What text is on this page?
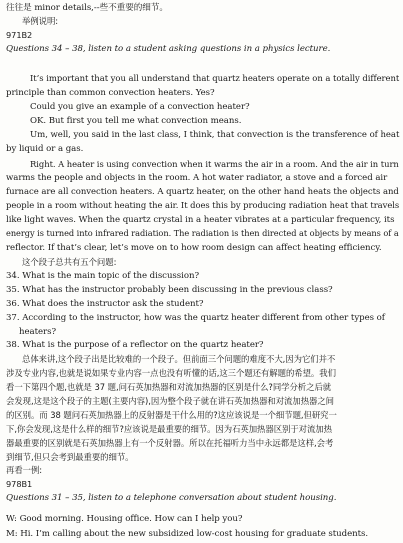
往往是 minor details,--些不重要的细节。
举例说明:
971B2
Questions 34 – 38, listen to a student asking questions in a physics lecture.
It’s important that you all understand that quartz heaters operate on a totally different
principle than common convection heaters. Yes?
Could you give an example of a convection heater?
OK. But first you tell me what convection means.
Um, well, you said in the last class, I think, that convection is the transference of heat
by liquid or a gas.
Right. A heater is using convection when it warms the air in a room. And the air in turn
warms the people and objects in the room. A hot water radiator, a stove and a forced air
furnace are all convection heaters. A quartz heater, on the other hand heats the objects and
people in a room without heating the air. It does this by producing radiation heat that travels
like light waves. When the quartz crystal in a heater vibrates at a particular frequency, its
energy is turned into infrared radiation. The radiation is then directed at objects by means of a
reflector. If that’s clear, let’s move on to how room design can affect heating efficiency.
这个段子总共有五个问题:
34. What is the main topic of the discussion?
35. What has the instructor probably been discussing in the previous class?
36. What does the instructor ask the student?
37. According to the instructor, how was the quartz heater different from other types of
heaters?
38. What is the purpose of a reflector on the quartz heater?
总体来讲,这个段子出是比较难的一个段子。但前面三个问题的难度不大,因为它们并不
涉及专业内容,也就是说如果专业内容一点也没有听懂的话,这三个题还有解题的希望。我们
看一下第四个题,也就是 37 题,问石英加热器和对流加热器的区别是什么?同学分析之后就
会发现,这是这个段子的主题(主要内容),因为整个段子就在讲石英加热器和对流加热器之间
的区别。而 38 题问石英加热器上的反射器是干什么用的?这应该说是一个细节题,但研究一
下,你会发现,这是什么样的细节?应该说是最重要的细节。因为石英加热器区别于对流加热
器最重要的区别就是石英加热器上有一个反射器。所以在托福听力当中永远都是这样,会考
到细节,但只会考到最重要的细节。
再看一例:
978B1
Questions 31 – 35, listen to a telephone conversation about student housing.
W: Good morning. Housing office. How can I help you?
M: Hi. I’m calling about the new subsidized low-cost housing for graduate students.
